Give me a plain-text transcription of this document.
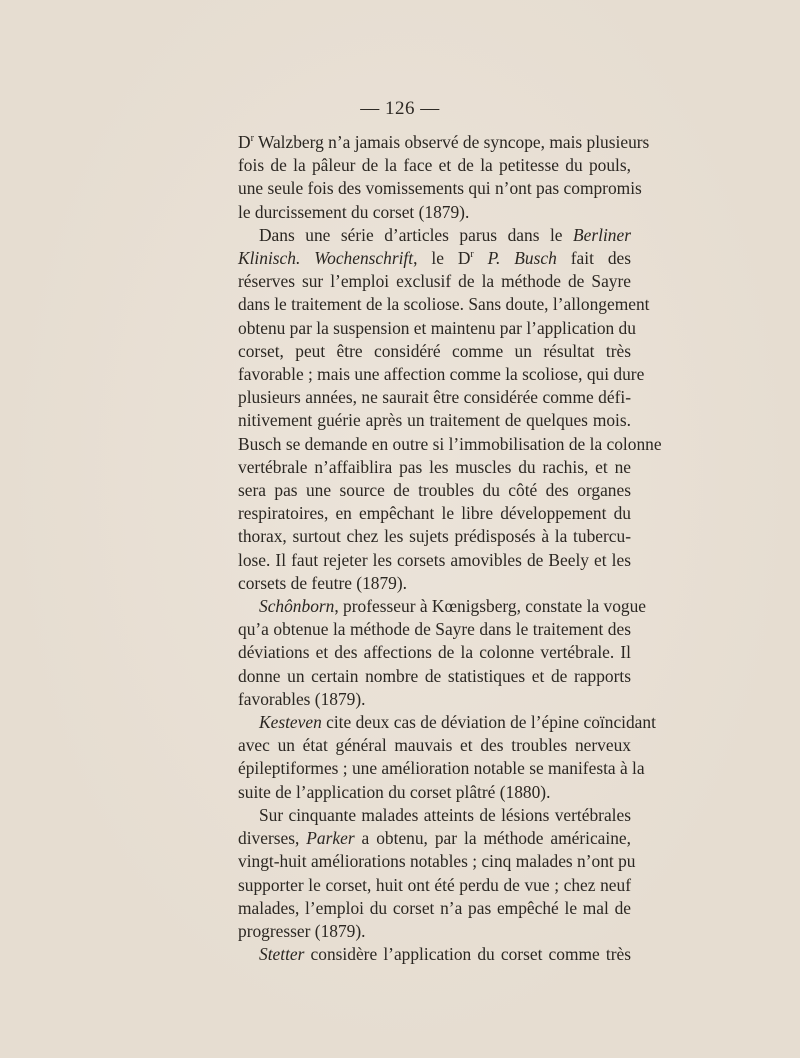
— 126 —
$D^r$ Walzberg n’a jamais observé de syncope, mais plusieurs
fois de la pâleur de la face et de la petitesse du pouls,
une seule fois des vomissements qui n’ont pas compromis
le durcissement du corset (1879).
Dans une série d’articles parus dans le Berliner
Klinisch. Wochenschrift, le $D^r$ P. Busch fait des
réserves sur l’emploi exclusif de la méthode de Sayre
dans le traitement de la scoliose. Sans doute, l’allongement
obtenu par la suspension et maintenu par l’application du
corset, peut être considéré comme un résultat très
favorable ; mais une affection comme la scoliose, qui dure
plusieurs années, ne saurait être considérée comme défi-
nitivement guérie après un traitement de quelques mois.
Busch se demande en outre si l’immobilisation de la colonne
vertébrale n’affaiblira pas les muscles du rachis, et ne
sera pas une source de troubles du côté des organes
respiratoires, en empêchant le libre développement du
thorax, surtout chez les sujets prédisposés à la tubercu-
lose. Il faut rejeter les corsets amovibles de Beely et les
corsets de feutre (1879).
Schônborn, professeur à Kœnigsberg, constate la vogue
qu’a obtenue la méthode de Sayre dans le traitement des
déviations et des affections de la colonne vertébrale. Il
donne un certain nombre de statistiques et de rapports
favorables (1879).
Kesteven cite deux cas de déviation de l’épine coïncidant
avec un état général mauvais et des troubles nerveux
épileptiformes ; une amélioration notable se manifesta à la
suite de l’application du corset plâtré (1880).
Sur cinquante malades atteints de lésions vertébrales
diverses, Parker a obtenu, par la méthode américaine,
vingt-huit améliorations notables ; cinq malades n’ont pu
supporter le corset, huit ont été perdu de vue ; chez neuf
malades, l’emploi du corset n’a pas empêché le mal de
progresser (1879).
Stetter considère l’application du corset comme très
